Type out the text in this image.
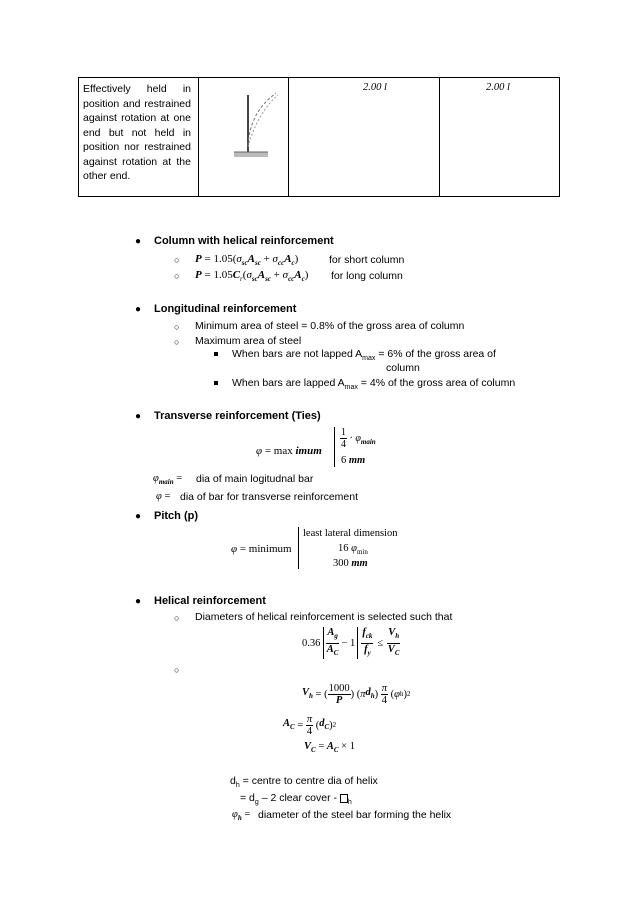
Effectively held in position and restrained against rotation at one end but not held in position nor restrained against rotation at the other end.
2.00 l	2.00 l
● Column with helical reinforcement
○ $P = 1.05(\sigma_{sc}A_{sc} + \sigma_{cc}A_c)$	for short column
○ $P = 1.05C_r(\sigma_{sc}A_{sc} + \sigma_{cc}A_c)$ for long column
● Longitudinal reinforcement
○ Minimum area of steel = 0.8% of the gross area of column
○ Maximum area of steel
When bars are not lapped $A_{max} = 6\%$ of the gross area of
column
When bars are lapped $A_{max} = 4\%$ of the gross area of column
● Transverse reinforcement (Ties)
φ = max imum
$\frac{1}{4} \cdot \varphi_{main}$
6 mm
$\varphi_{main}$ = dia of main logitudnal bar
φ = dia of bar for transverse reinforcement
● Pitch (p)
φ = minimum
least lateral dimension
16 $\varphi_{min}$
300 mm
● Helical reinforcement
○ Diameters of helical reinforcement is selected such that
$0.36 \frac{A_g}{A_C} - 1 \frac{f_{ck}}{f_y} \le \frac{V_h}{V_C}$
○
$V_h$ = ( $\frac{1000}{P}$ ) ( π $d_h$ ) $\frac{\pi}{4}$ ( φ h ) 2
$A_C = \frac{\pi}{4}$ ( $d_C$ ) 2
$V_C = A_C \times 1$
$d_h$ = centre to centre dia of helix
= $d_g - 2$ clear cover - $_h$
$\varphi_h$ = diameter of the steel bar forming the helix
